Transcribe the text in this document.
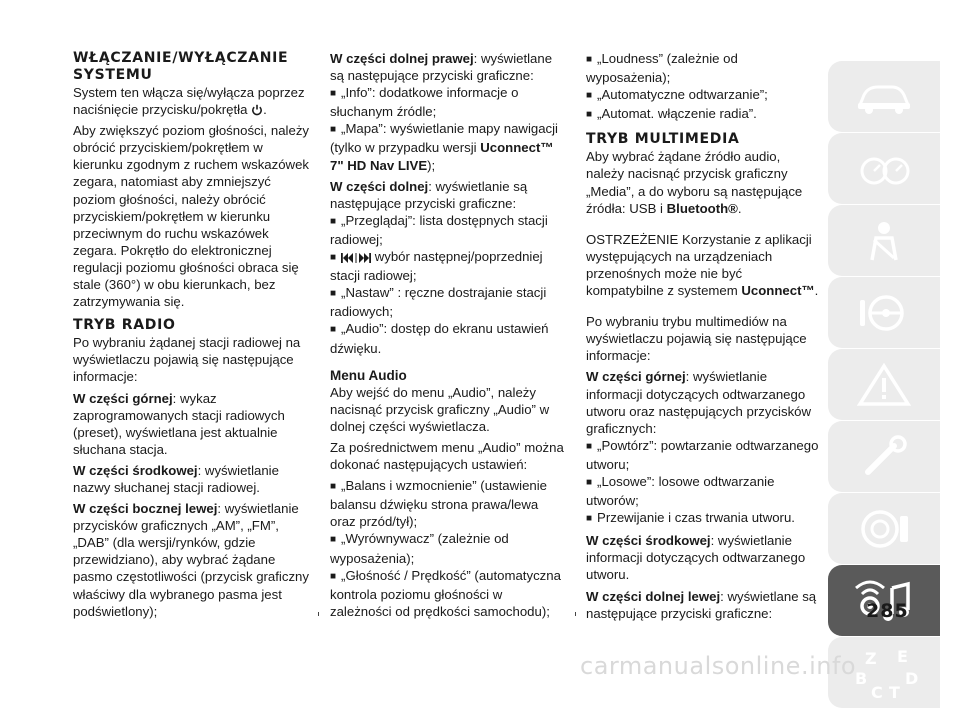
WŁĄCZANIE/WYŁĄCZANIE
SYSTEMU

System ten włącza się/wyłącza poprzez naciśnięcie przycisku/pokrętła .

Aby zwiększyć poziom głośności, należy obrócić przyciskiem/pokrętłem w kierunku zgodnym z ruchem wskazówek zegara, natomiast aby zmniejszyć poziom głośności, należy obrócić przyciskiem/pokrętłem w kierunku przeciwnym do ruchu wskazówek zegara. Pokrętło do elektronicznej regulacji poziomu głośności obraca się stale (360°) w obu kierunkach, bez zatrzymywania się.

TRYB RADIO

Po wybraniu żądanej stacji radiowej na wyświetlaczu pojawią się następujące informacje:

W części górnej: wykaz zaprogramowanych stacji radiowych (preset), wyświetlana jest aktualnie słuchana stacja.

W części środkowej: wyświetlanie nazwy słuchanej stacji radiowej.

W części bocznej lewej: wyświetlanie przycisków graficznych „AM”, „FM”, „DAB” (dla wersji/rynków, gdzie przewidziano), aby wybrać żądane pasmo częstotliwości (przycisk graficzny właściwy dla wybranego pasma jest podświetlony);

W części dolnej prawej: wyświetlane są następujące przyciski graficzne:

■ „Info”: dodatkowe informacje o słuchanym źródle;

■ „Mapa”: wyświetlanie mapy nawigacji (tylko w przypadku wersji Uconnect™ 7" HD Nav LIVE);

W części dolnej: wyświetlanie są następujące przyciski graficzne:

■ „Przeglądaj”: lista dostępnych stacji radiowej;

■ wybór następnej/poprzedniej stacji radiowej;

■ „Nastaw” : ręczne dostrajanie stacji radiowych;

■ „Audio”: dostęp do ekranu ustawień dźwięku.

Menu Audio

Aby wejść do menu „Audio”, należy nacisnąć przycisk graficzny „Audio” w dolnej części wyświetlacza.

Za pośrednictwem menu „Audio” można dokonać następujących ustawień:

■ „Balans i wzmocnienie” (ustawienie balansu dźwięku strona prawa/lewa oraz przód/tył);

■ „Wyrównywacz” (zależnie od wyposażenia);

■ „Głośność / Prędkość” (automatyczna kontrola poziomu głośności w zależności od prędkości samochodu);

■ „Loudness” (zależnie od wyposażenia);

■ „Automatyczne odtwarzanie”;

■ „Automat. włączenie radia”.

TRYB MULTIMEDIA

Aby wybrać żądane źródło audio, należy nacisnąć przycisk graficzny „Media”, a do wyboru są następujące źródła: USB i Bluetooth®.

OSTRZEŻENIE Korzystanie z aplikacji występujących na urządzeniach przenośnych może nie być kompatybilne z systemem Uconnect™.

Po wybraniu trybu multimediów na wyświetlaczu pojawią się następujące informacje:

W części górnej: wyświetlanie informacji dotyczących odtwarzanego utworu oraz następujących przycisków graficznych:

■ „Powtórz”: powtarzanie odtwarzanego utworu;

■ „Losowe”: losowe odtwarzanie utworów;

■ Przewijanie i czas trwania utworu.

W części środkowej: wyświetlanie informacji dotyczących odtwarzanego utworu.

W części dolnej lewej: wyświetlane są następujące przyciski graficzne:

Z E
B
C T
D
285
carmanualsonline.info
